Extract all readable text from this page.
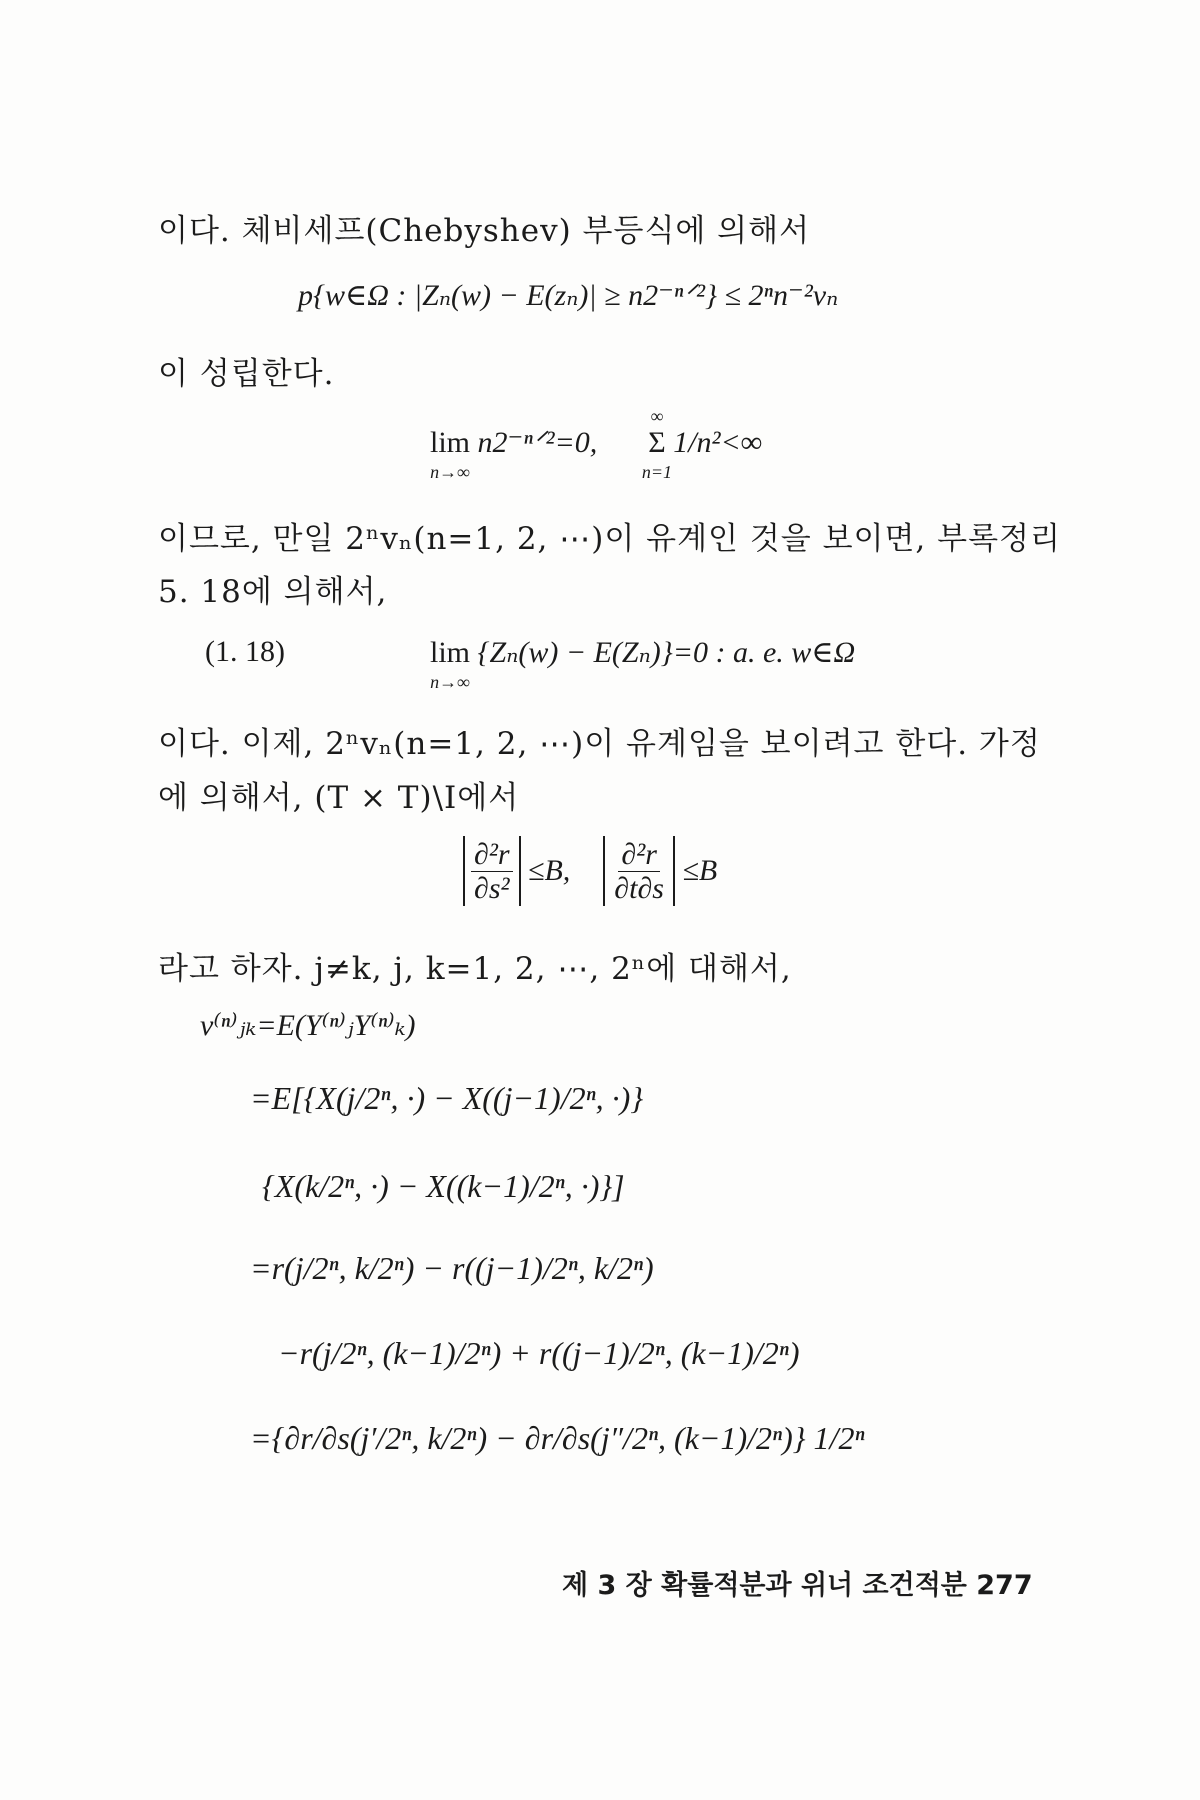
이다. 체비세프(Chebyshev) 부등식에 의해서
p{w∈Ω : |Zₙ(w) − E(zₙ)| ≥ n2⁻ⁿᐟ²} ≤ 2ⁿn⁻²vₙ
이 성립한다.
lim
n→∞
n2⁻ⁿᐟ²=0, Σ
∞
n=1
1/n²<∞
이므로, 만일 2ⁿvₙ(n=1, 2, ⋯)이 유계인 것을 보이면, 부록정리
5. 18에 의해서,
(1. 18)	lim
n→∞
{Zₙ(w) − E(Zₙ)}=0 : a. e. w∈Ω
이다. 이제, 2ⁿvₙ(n=1, 2, ⋯)이 유계임을 보이려고 한다. 가정
에 의해서, (T × T)\I에서
$\frac{\text{∂²r}}{\text{∂s²}} \le B$, $\frac{\text{∂²r}}{\partial t\partial s} \le B$
라고 하자. j≠k, j, k=1, 2, ⋯, 2ⁿ에 대해서,
v⁽ⁿ⁾ⱼₖ=E(Y⁽ⁿ⁾ⱼY⁽ⁿ⁾ₖ)
=E[{X(j/2ⁿ, ·) − X((j−1)/2ⁿ, ·)}
{X(k/2ⁿ, ·) − X((k−1)/2ⁿ, ·)}]
=r(j/2ⁿ, k/2ⁿ) − r((j−1)/2ⁿ, k/2ⁿ)
−r(j/2ⁿ, (k−1)/2ⁿ) + r((j−1)/2ⁿ, (k−1)/2ⁿ)
={∂r/∂s(j′/2ⁿ, k/2ⁿ) − ∂r/∂s(j″/2ⁿ, (k−1)/2ⁿ)} 1/2ⁿ
제 3 장 확률적분과 위너 조건적분 277
